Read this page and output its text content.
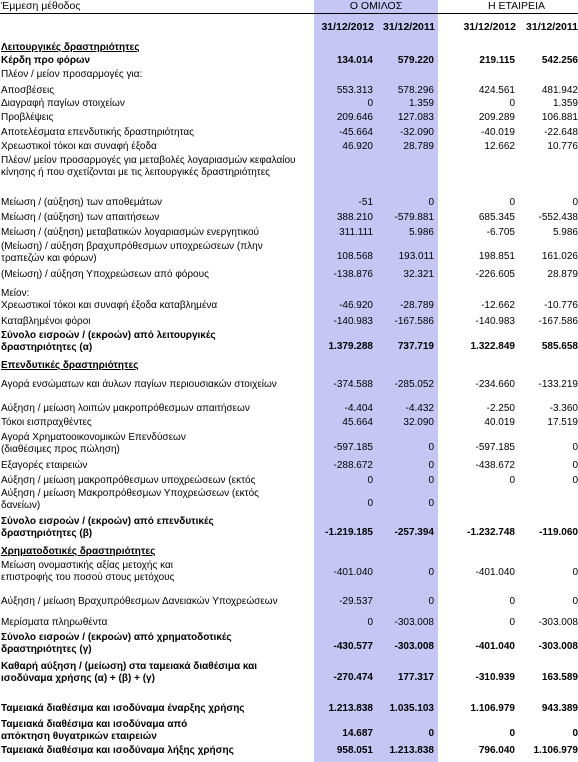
Έμμεση μέθοδος	Ο ΟΜΙΛΟΣ	Η ΕΤΑΙΡΕΙΑ
31/12/2012 31/12/2011	31/12/2012 31/12/2011
Λειτουργικές δραστηριότητες
Κέρδη προ φόρων	134.014	579.220	219.115	542.256
Πλέον / μείον προσαρμογές για:
Αποσβέσεις	553.313	578.296	424.561	481.942
Διαγραφή παγίων στοιχείων	0	1.359	0	1.359
Προβλέψεις	209.646	127.083	209.289	106.881
Αποτελέσματα επενδυτικής δραστηριότητας	-45.664	-32.090	-40.019	-22.648
Χρεωστικοί τόκοι και συναφή έξοδα	46.920	28.789	12.662	10.776
Πλέον/ μείον προσαρμογές για μεταβολές λογαριασμών κεφαλαίου κίνησης ή που σχετίζονται με τις λειτουργικές δραστηριότητες
Μείωση / (αύξηση) των αποθεμάτων	-51	0	0	0
Μείωση / (αύξηση) των απαιτήσεων	388.210	-579.881	685.345	-552.438
Μείωση / (αύξηση) μεταβατικών λογαριασμών ενεργητικού	311.111	5.986	-6.705	5.986
(Μείωση) / αύξηση βραχυπρόθεσμων υποχρεώσεων (πλην τραπεζών και φόρων)	108.568	193.011	198.851	161.026
(Μείωση) / αύξηση Υποχρεώσεων από φόρους	-138.876	32.321	-226.605	28.879
Μείον:
Χρεωστικοί τόκοι και συναφή έξοδα καταβλημένα	-46.920	-28.789	-12.662	-10.776
Καταβλημένοι φόροι	-140.983	-167.586	-140.983	-167.586
Σύνολο εισροών / (εκροών) από λειτουργικές δραστηριότητες (α)	1.379.288	737.719	1.322.849	585.658
Επενδυτικές δραστηριότητες
Αγορά ενσώματων και άυλων παγίων περιουσιακών στοιχείων	-374.588	-285.052	-234.660	-133.219
Αύξηση / μείωση λοιπών μακροπρόθεσμων απαιτήσεων	-4.404	-4.432	-2.250	-3.360
Τόκοι εισπραχθέντες	45.664	32.090	40.019	17.519
Αγορά Χρηματοοικονομικών Επενδύσεων (διαθέσιμες προς πώληση)	-597.185	0	-597.185	0
Εξαγορές εταιρειών	-288.672	0	-438.672	0
Αύξηση / μείωση μακροπρόθεσμων υποχρεώσεων (εκτός	0	0	0	0
Αύξηση / μείωση Μακροπρόθεσμων Υποχρεώσεων (εκτός δανείων)	0	0
Σύνολο εισροών / (εκροών) από επενδυτικές δραστηριότητες (β)	-1.219.185	-257.394	-1.232.748	-119.060
Χρηματοδοτικές δραστηριότητες
Μείωση ονομαστικής αξίας μετοχής και επιστροφής του ποσού στους μετόχους	-401.040	0	-401.040	0
Αύξηση / μείωση Βραχυπρόθεσμων Δανειακών Υποχρεώσεων	-29.537	0	0	0
Μερίσματα πληρωθέντα	0	-303.008	0	-303.008
Σύνολο εισροών / (εκροών) από χρηματοδοτικές δραστηριότητες (γ)	-430.577	-303.008	-401.040	-303.008
Καθαρή αύξηση / (μείωση) στα ταμειακά διαθέσιμα και ισοδύναμα χρήσης (α) + (β) + (γ)	-270.474	177.317	-310.939	163.589
Ταμειακά διαθέσιμα και ισοδύναμα έναρξης χρήσης	1.213.838	1.035.103	1.106.979	943.389
Ταμειακά διαθέσιμα και ισοδύναμα από απόκτηση θυγατρικών εταιρειών	14.687	0	0	0
Ταμειακά διαθέσιμα και ισοδύναμα λήξης χρήσης	958.051	1.213.838	796.040	1.106.979
